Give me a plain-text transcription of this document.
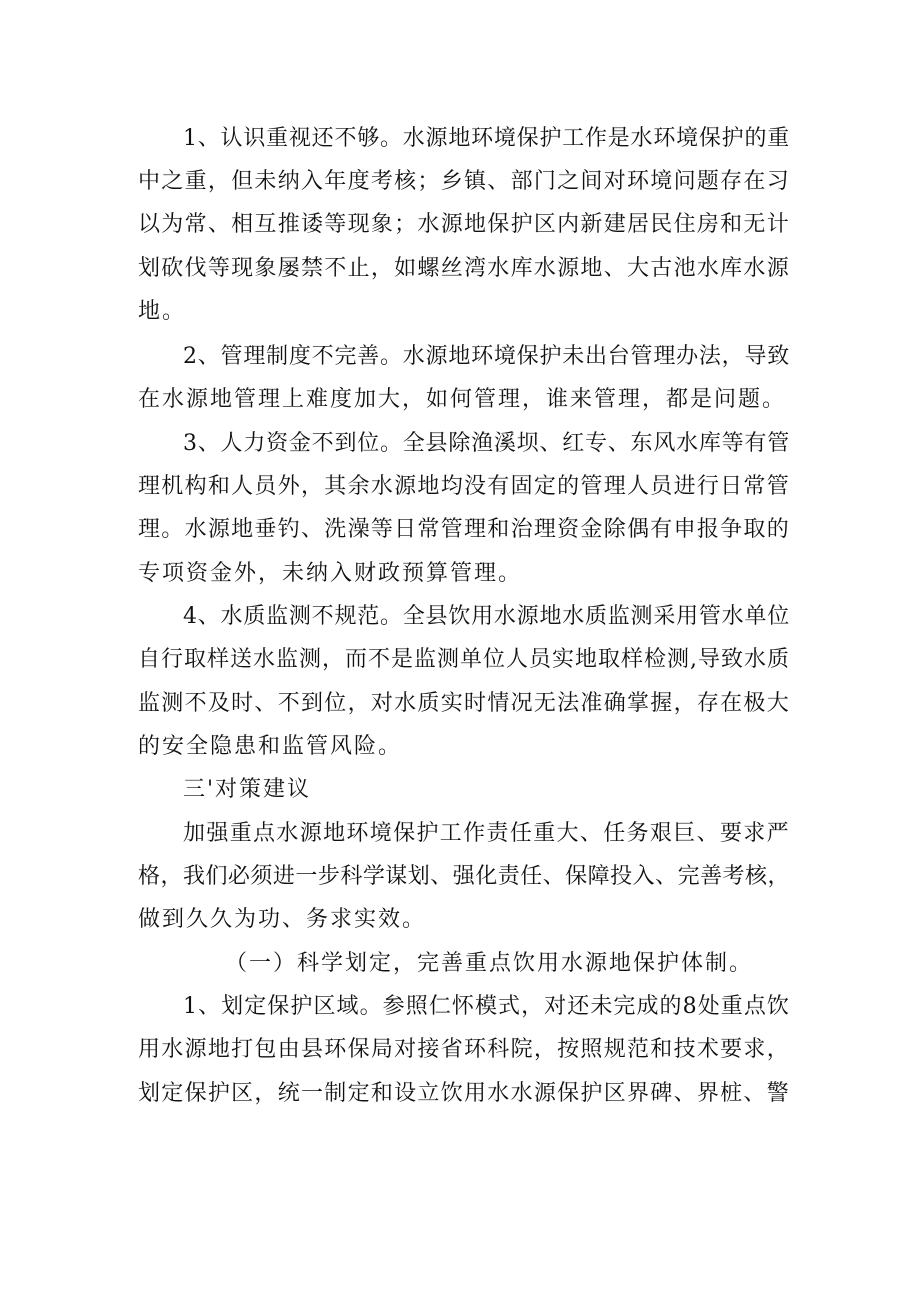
1、认识重视还不够。水源地环境保护工作是水环境保护的重

中之重，但未纳入年度考核；乡镇、部门之间对环境问题存在习

以为常、相互推诿等现象；水源地保护区内新建居民住房和无计

划砍伐等现象屡禁不止，如螺丝湾水库水源地、大古池水库水源

地。

2、管理制度不完善。水源地环境保护未出台管理办法，导致

在水源地管理上难度加大，如何管理，谁来管理，都是问题。

3、人力资金不到位。全县除渔溪坝、红专、东风水库等有管

理机构和人员外，其余水源地均没有固定的管理人员进行日常管

理。水源地垂钓、洗澡等日常管理和治理资金除偶有申报争取的

专项资金外，未纳入财政预算管理。

4、水质监测不规范。全县饮用水源地水质监测采用管水单位

自行取样送水监测，而不是监测单位人员实地取样检测,导致水质

监测不及时、不到位，对水质实时情况无法准确掌握，存在极大

的安全隐患和监管风险。

三'对策建议

加强重点水源地环境保护工作责任重大、任务艰巨、要求严

格，我们必须进一步科学谋划、强化责任、保障投入、完善考核，

做到久久为功、务求实效。

（一）科学划定，完善重点饮用水源地保护体制。

1、划定保护区域。参照仁怀模式，对还未完成的8处重点饮

用水源地打包由县环保局对接省环科院，按照规范和技术要求，

划定保护区，统一制定和设立饮用水水源保护区界碑、界桩、警
